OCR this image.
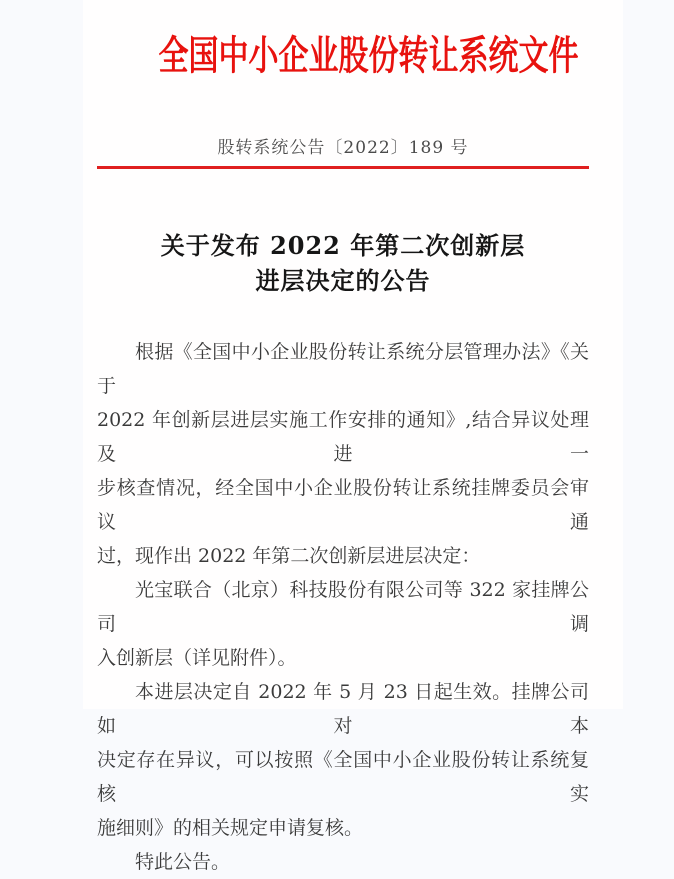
全国中小企业股份转让系统文件
股转系统公告〔2022〕189 号
关于发布 2022 年第二次创新层
进层决定的公告
根据《全国中小企业股份转让系统分层管理办法》《关于
2022 年创新层进层实施工作安排的通知》,结合异议处理及进一
步核查情况，经全国中小企业股份转让系统挂牌委员会审议通
过，现作出 2022 年第二次创新层进层决定：
光宝联合（北京）科技股份有限公司等 322 家挂牌公司调
入创新层（详见附件）。
本进层决定自 2022 年 5 月 23 日起生效。挂牌公司如对本
决定存在异议，可以按照《全国中小企业股份转让系统复核实
施细则》的相关规定申请复核。
特此公告。
